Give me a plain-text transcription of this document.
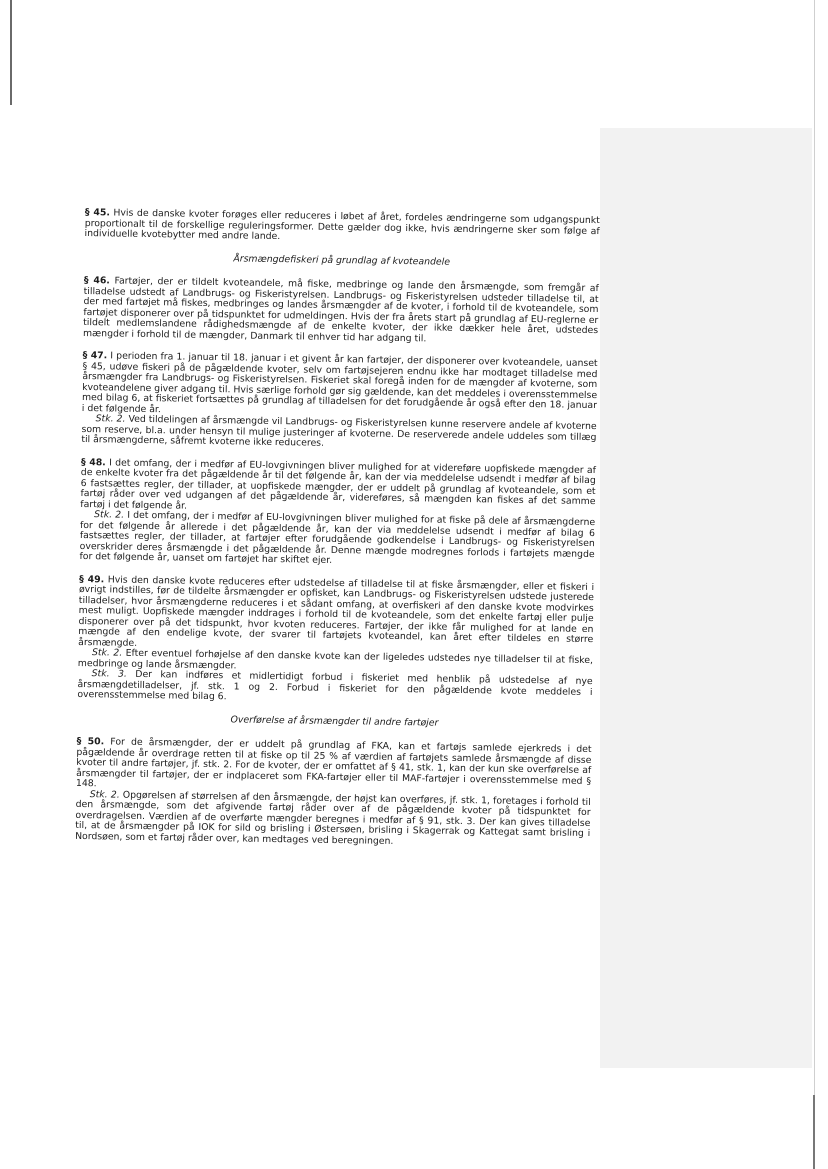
§ 45. Hvis de danske kvoter forøges eller reduceres i løbet af året, fordeles ændringerne som udgangspunkt proportionalt til de forskellige reguleringsformer. Dette gælder dog ikke, hvis ændringerne sker som følge af individuelle kvotebytter med andre lande.

Årsmængdefiskeri på grundlag af kvoteandele

§ 46. Fartøjer, der er tildelt kvoteandele, må fiske, medbringe og lande den årsmængde, som fremgår af tilladelse udstedt af Landbrugs- og Fiskeristyrelsen. Landbrugs- og Fiskeristyrelsen udsteder tilladelse til, at der med fartøjet må fiskes, medbringes og landes årsmængder af de kvoter, i forhold til de kvoteandele, som fartøjet disponerer over på tidspunktet for udmeldingen. Hvis der fra årets start på grundlag af EU-reglerne er tildelt medlemslandene rådighedsmængde af de enkelte kvoter, der ikke dækker hele året, udstedes mængder i forhold til de mængder, Danmark til enhver tid har adgang til.

§ 47. I perioden fra 1. januar til 18. januar i et givent år kan fartøjer, der disponerer over kvoteandele, uanset § 45, udøve fiskeri på de pågældende kvoter, selv om fartøjsejeren endnu ikke har modtaget tilladelse med årsmængder fra Landbrugs- og Fiskeristyrelsen. Fiskeriet skal foregå inden for de mængder af kvoterne, som kvoteandelene giver adgang til. Hvis særlige forhold gør sig gældende, kan det meddeles i overensstemmelse med bilag 6, at fiskeriet fortsættes på grundlag af tilladelsen for det forudgående år også efter den 18. januar i det følgende år.
Stk. 2. Ved tildelingen af årsmængde vil Landbrugs- og Fiskeristyrelsen kunne reservere andele af kvoterne som reserve, bl.a. under hensyn til mulige justeringer af kvoterne. De reserverede andele uddeles som tillæg til årsmængderne, såfremt kvoterne ikke reduceres.

§ 48. I det omfang, der i medfør af EU-lovgivningen bliver mulighed for at videreføre uopfiskede mængder af de enkelte kvoter fra det pågældende år til det følgende år, kan der via meddelelse udsendt i medfør af bilag 6 fastsættes regler, der tillader, at uopfiskede mængder, der er uddelt på grundlag af kvoteandele, som et fartøj råder over ved udgangen af det pågældende år, videreføres, så mængden kan fiskes af det samme fartøj i det følgende år.
Stk. 2. I det omfang, der i medfør af EU-lovgivningen bliver mulighed for at fiske på dele af årsmængderne for det følgende år allerede i det pågældende år, kan der via meddelelse udsendt i medfør af bilag 6 fastsættes regler, der tillader, at fartøjer efter forudgående godkendelse i Landbrugs- og Fiskeristyrelsen overskrider deres årsmængde i det pågældende år. Denne mængde modregnes forlods i fartøjets mængde for det følgende år, uanset om fartøjet har skiftet ejer.

§ 49. Hvis den danske kvote reduceres efter udstedelse af tilladelse til at fiske årsmængder, eller et fiskeri i øvrigt indstilles, før de tildelte årsmængder er opfisket, kan Landbrugs- og Fiskeristyrelsen udstede justerede tilladelser, hvor årsmængderne reduceres i et sådant omfang, at overfiskeri af den danske kvote modvirkes mest muligt. Uopfiskede mængder inddrages i forhold til de kvoteandele, som det enkelte fartøj eller pulje disponerer over på det tidspunkt, hvor kvoten reduceres. Fartøjer, der ikke får mulighed for at lande en mængde af den endelige kvote, der svarer til fartøjets kvoteandel, kan året efter tildeles en større årsmængde.
Stk. 2. Efter eventuel forhøjelse af den danske kvote kan der ligeledes udstedes nye tilladelser til at fiske, medbringe og lande årsmængder.
Stk. 3. Der kan indføres et midlertidigt forbud i fiskeriet med henblik på udstedelse af nye årsmængdetilladelser, jf. stk. 1 og 2. Forbud i fiskeriet for den pågældende kvote meddeles i overensstemmelse med bilag 6.

Overførelse af årsmængder til andre fartøjer

§ 50. For de årsmængder, der er uddelt på grundlag af FKA, kan et fartøjs samlede ejerkreds i det pågældende år overdrage retten til at fiske op til 25 % af værdien af fartøjets samlede årsmængde af disse kvoter til andre fartøjer, jf. stk. 2. For de kvoter, der er omfattet af § 41, stk. 1, kan der kun ske overførelse af årsmængder til fartøjer, der er indplaceret som FKA-fartøjer eller til MAF-fartøjer i overensstemmelse med § 148.
Stk. 2. Opgørelsen af størrelsen af den årsmængde, der højst kan overføres, jf. stk. 1, foretages i forhold til den årsmængde, som det afgivende fartøj råder over af de pågældende kvoter på tidspunktet for overdragelsen. Værdien af de overførte mængder beregnes i medfør af § 91, stk. 3. Der kan gives tilladelse til, at de årsmængder på IOK for sild og brisling i Østersøen, brisling i Skagerrak og Kattegat samt brisling i Nordsøen, som et fartøj råder over, kan medtages ved beregningen.
